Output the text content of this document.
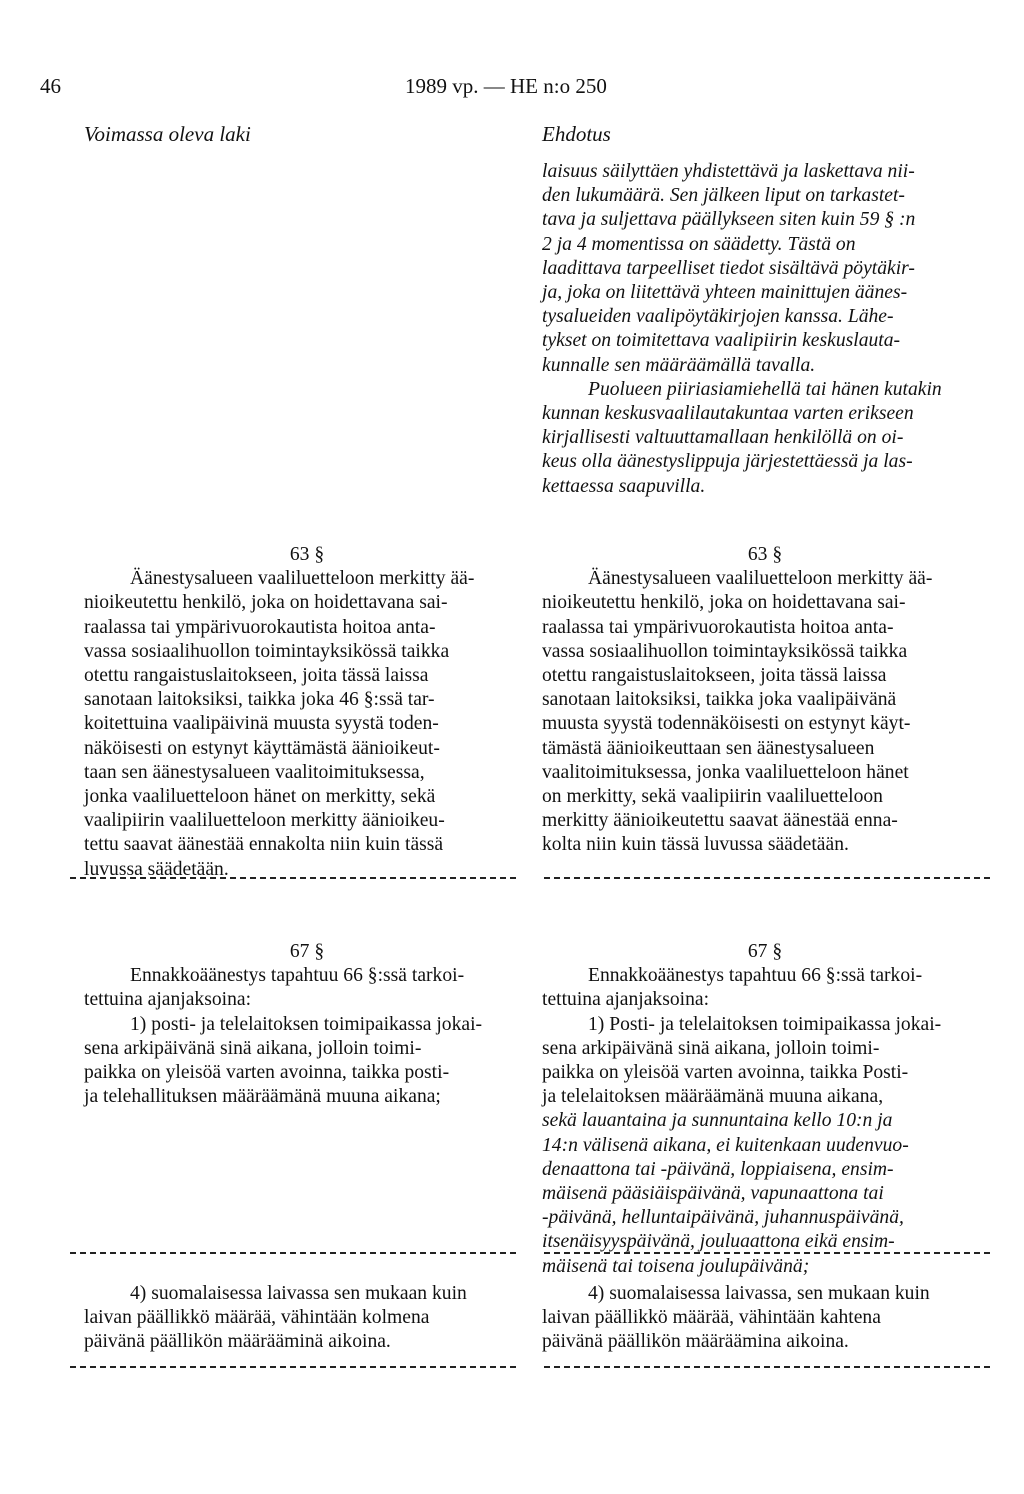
46	1989 vp. — HE n:o 250
Voimassa oleva laki	Ehdotus

laisuus säilyttäen yhdistettävä ja laskettava nii-

den lukumäärä. Sen jälkeen liput on tarkastet-

tava ja suljettava päällykseen siten kuin 59 § :n

2 ja 4 momentissa on säädetty. Tästä on

laadittava tarpeelliset tiedot sisältävä pöytäkir-

ja, joka on liitettävä yhteen mainittujen äänes-

tysalueiden vaalipöytäkirjojen kanssa. Lähe-

tykset on toimitettava vaalipiirin keskuslauta-

kunnalle sen määräämällä tavalla.

Puolueen piiriasiamiehellä tai hänen kutakin

kunnan keskusvaalilautakuntaa varten erikseen

kirjallisesti valtuuttamallaan henkilöllä on oi-

keus olla äänestyslippuja järjestettäessä ja las-

kettaessa saapuvilla.

63 §

Äänestysalueen vaaliluetteloon merkitty ää-

nioikeutettu henkilö, joka on hoidettavana sai-

raalassa tai ympärivuorokautista hoitoa anta-

vassa sosiaalihuollon toimintayksikössä taikka

otettu rangaistuslaitokseen, joita tässä laissa

sanotaan laitoksiksi, taikka joka 46 §:ssä tar-

koitettuina vaalipäivinä muusta syystä toden-

näköisesti on estynyt käyttämästä äänioikeut-

taan sen äänestysalueen vaalitoimituksessa,

jonka vaaliluetteloon hänet on merkitty, sekä

vaalipiirin vaaliluetteloon merkitty äänioikeu-

tettu saavat äänestää ennakolta niin kuin tässä

luvussa säädetään.

63 §

Äänestysalueen vaaliluetteloon merkitty ää-

nioikeutettu henkilö, joka on hoidettavana sai-

raalassa tai ympärivuorokautista hoitoa anta-

vassa sosiaalihuollon toimintayksikössä taikka

otettu rangaistuslaitokseen, joita tässä laissa

sanotaan laitoksiksi, taikka joka vaalipäivänä

muusta syystä todennäköisesti on estynyt käyt-

tämästä äänioikeuttaan sen äänestysalueen

vaalitoimituksessa, jonka vaaliluetteloon hänet

on merkitty, sekä vaalipiirin vaaliluetteloon

merkitty äänioikeutettu saavat äänestää enna-

kolta niin kuin tässä luvussa säädetään.

67 §

Ennakkoäänestys tapahtuu 66 §:ssä tarkoi-

tettuina ajanjaksoina:

1) posti- ja telelaitoksen toimipaikassa jokai-

sena arkipäivänä sinä aikana, jolloin toimi-

paikka on yleisöä varten avoinna, taikka posti-

ja telehallituksen määräämänä muuna aikana;

67 §

Ennakkoäänestys tapahtuu 66 §:ssä tarkoi-

tettuina ajanjaksoina:

1) Posti- ja telelaitoksen toimipaikassa jokai-

sena arkipäivänä sinä aikana, jolloin toimi-

paikka on yleisöä varten avoinna, taikka Posti-

ja telelaitoksen määräämänä muuna aikana,

sekä lauantaina ja sunnuntaina kello 10:n ja

14:n välisenä aikana, ei kuitenkaan uudenvuo-

denaattona tai -päivänä, loppiaisena, ensim-

mäisenä pääsiäispäivänä, vapunaattona tai

-päivänä, helluntaipäivänä, juhannuspäivänä,

itsenäisyyspäivänä, jouluaattona eikä ensim-

mäisenä tai toisena joulupäivänä;

4) suomalaisessa laivassa sen mukaan kuin

laivan päällikkö määrää, vähintään kolmena

päivänä päällikön määrääminä aikoina.

4) suomalaisessa laivassa, sen mukaan kuin

laivan päällikkö määrää, vähintään kahtena

päivänä päällikön määräämina aikoina.
